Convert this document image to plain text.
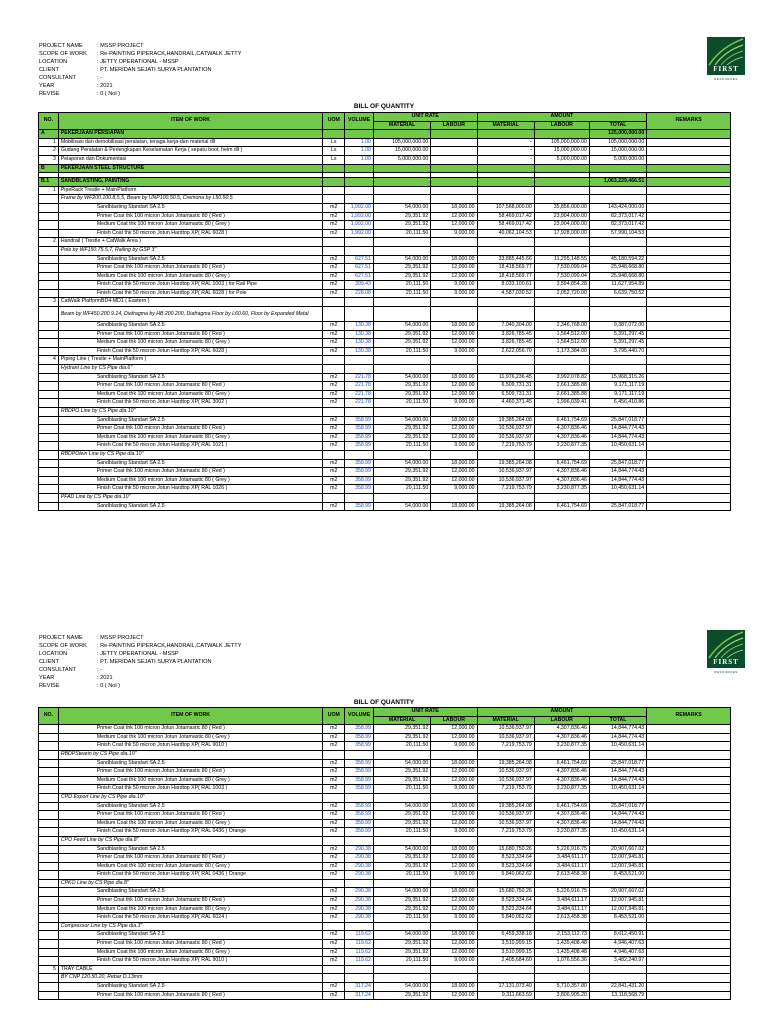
PROJECT NAME	: MSSP PROJECT
SCOPE OF WORK	: Re-PAINTING PIPERACK,HANDRAIL,CATWALK JETTY
LOCATION	: JETTY OPERATIONAL - MSSP
CLIENT	: PT. MERIDAN SEJATI SURYA PLANTATION
CONSULTANT	: -
YEAR	: 2021
REVISE	: 0 ( Nol )
FIRST
RESOURCES
BILL OF QUANTITY
NO.	ITEM OF WORK	UOM	VOLUME	UNIT RATE		AMOUNT			REMARKS
				MATERIAL	LABOUR	MATERIAL	LABOUR	TOTAL	
A	PEKERJAAN PERSIAPAN							125,000,000.00	
1	Mobilisasi dan demobilisasi peralatan, tenaga kerja-dan material dll	Ls	1.00	105,000,000.00		-	105,000,000.00	105,000,000.00	
2	Gudang Peralatan & Perlengkapan Keselamatan Kerja ( sepatu boot, helm dll )	Ls	1.00	15,000,000.00		-	15,000,000.00	15,000,000.00	
3	Pelaporan dan Dokumentasi	Ls	1.00	5,000,000.00		-	5,000,000.00	5,000,000.00	
B	PEKERJAAN STEEL STRUCTURE								

B.1	SANDBLASTING, PAINTING							1,063,229,466.51	
1	PipeRack Trestle + MainPlatform								
	Frame by WF200.100.8,5,5, Beam by UNP100.50.5, Cremona by L50.50.5								
	Sandblasting Standart SA 2.5	m2	1,992.00	54,000.00	18,000.00	107,568,000.00	35,856,000.00	143,424,000.00	
	Primer Coat thk 100 micron Jotun Jotamastic 80 ( Red )	m2	1,992.00	29,351.92	12,000.00	58,469,017.42	23,904,000.00	82,373,017.42	
	Medium Coat thk 100 micron Jotun Jotamastic 80 ( Grey )	m2	1,992.00	29,351.92	12,000.00	58,469,017.42	23,904,000.00	82,373,017.42	
	Finish Coat thk 50 micron Jotun Hardtop XP( RAL 6028 )	m2	1,992.00	20,111.50	9,000.00	40,062,104.53	17,928,000.00	57,990,104.53	
2	Handrail ( Trestle + CatWalk Area )								
	Pole by WF150.75.5,7, Railing by GSP 3"								
	Sandblasting Standart SA 2.5	m2	627.51	54,000.00	18,000.00	33,885,445.66	11,295,148.55	45,180,594.22	
	Primer Coat thk 100 micron Jotun Jotamastic 80 ( Red )	m2	627.51	29,351.92	12,000.00	18,418,569.77	7,530,099.04	25,948,668.80	
	Medium Coat thk 100 micron Jotun Jotamastic 80 ( Grey )	m2	627.51	29,351.92	12,000.00	18,418,569.77	7,530,099.04	25,948,668.80	
	Finish Coat thk 50 micron Jotun Hardtop XP( RAL 1003 ) for Rail Pipe	m2	399.43	20,111.50	9,000.00	8,033,100.61	3,594,854.28	11,627,954.89	
	Finish Coat thk 50 micron Jotun Hardtop XP( RAL 6028 ) for Pole	m2	228.08	20,111.50	9,000.00	4,587,030.52	2,052,720.00	6,639,750.52	
3	CatWalk PlatformBD4-MD1 ( Eastern )								
	Beam by WF450.200.9.14, Diafragma by HB 200.200, Diafragma Floor by L60.60, Floor by Expanded Metal								
	Sandblasting Standart SA 2.5	m2	130.38	54,000.00	18,000.00	7,040,304.00	2,346,768.00	9,387,072.00	
	Primer Coat thk 100 micron Jotun Jotamastic 80 ( Red )	m2	130.38	29,351.92	12,000.00	3,826,785.45	1,564,512.00	5,391,297.45	
	Medium Coat thk 100 micron Jotun Jotamastic 80 ( Grey )	m2	130.38	29,351.92	12,000.00	3,826,785.45	1,564,512.00	5,391,297.45	
	Finish Coat thk 50 micron Jotun Hardtop XP( RAL 6028 )	m2	130.38	20,111.50	9,000.00	2,622,056.70	1,173,384.00	3,795,440.70	
4	Piping Line ( Trestle + MainPlatform )								
	Hydrant Line by CS Pipe dia.6"								
	Sandblasting Standart SA 2.5	m2	221.78	54,000.00	18,000.00	11,976,236.45	3,992,078.82	15,968,315.26	
	Primer Coat thk 100 micron Jotun Jotamastic 80 ( Red )	m2	221.78	29,351.92	12,000.00	6,509,731.31	2,661,385.88	9,171,117.19	
	Medium Coat thk 100 micron Jotun Jotamastic 80 ( Grey )	m2	221.78	29,351.92	12,000.00	6,509,731.31	2,661,385.88	9,171,117.19	
	Finish Coat thk 50 micron Jotun Hardtop XP( RAL 3002 )	m2	221.78	20,111.50	9,000.00	4,460,371.45	1,996,039.41	6,456,410.86	
	RBDPO Line by CS Pipe dia.10"								
	Sandblasting Standart SA 2.5	m2	358.99	54,000.00	18,000.00	19,385,264.08	6,461,754.69	25,847,018.77	
	Primer Coat thk 100 micron Jotun Jotamastic 80 ( Red )	m2	358.99	29,351.92	12,000.00	10,536,937.97	4,307,836.46	14,844,774.43	
	Medium Coat thk 100 micron Jotun Jotamastic 80 ( Grey )	m2	358.99	29,351.92	12,000.00	10,536,937.97	4,307,836.46	14,844,774.43	
	Finish Coat thk 50 micron Jotun Hardtop XP( RAL 1021 )	m2	358.99	20,111.50	9,000.00	7,219,753.79	3,230,877.35	10,450,631.14	
	RBDPOlein Line by CS Pipe dia.10"								
	Sandblasting Standart SA 2.5	m2	358.99	54,000.00	18,000.00	19,385,264.08	6,461,754.69	25,847,018.77	
	Primer Coat thk 100 micron Jotun Jotamastic 80 ( Red )	m2	358.99	29,351.92	12,000.00	10,536,937.97	4,307,836.46	14,844,774.43	
	Medium Coat thk 100 micron Jotun Jotamastic 80 ( Grey )	m2	358.99	29,351.92	12,000.00	10,536,937.97	4,307,836.46	14,844,774.43	
	Finish Coat thk 50 micron Jotun Hardtop XP( RAL 1026 )	m2	358.99	20,111.50	9,000.00	7,219,753.79	3,230,877.35	10,450,631.14	
	PFAD Line by CS Pipe dia.10"								
	Sandblasting Standart SA 2.5	m2	358.99	54,000.00	18,000.00	19,385,264.08	6,461,754.69	25,847,018.77	
PROJECT NAME	: MSSP PROJECT
SCOPE OF WORK	: Re-PAINTING PIPERACK,HANDRAIL,CATWALK JETTY
LOCATION	: JETTY OPERATIONAL - MSSP
CLIENT	: PT. MERIDAN SEJATI SURYA PLANTATION
CONSULTANT	: -
YEAR	: 2021
REVISE	: 0 ( Nol )
FIRST
RESOURCES
BILL OF QUANTITY
NO.	ITEM OF WORK	UOM	VOLUME	UNIT RATE		AMOUNT			REMARKS
				MATERIAL	LABOUR	MATERIAL	LABOUR	TOTAL	
	Primer Coat thk 100 micron Jotun Jotamastic 80 ( Red )	m2	358.99	29,351.92	12,000.00	10,536,937.97	4,307,836.46	14,844,774.43	
	Medium Coat thk 100 micron Jotun Jotamastic 80 ( Grey )	m2	358.99	29,351.92	12,000.00	10,536,937.97	4,307,836.46	14,844,774.43	
	Finish Coat thk 50 micron Jotun Hardtop XP( RAL 9010 )	m2	358.99	20,111.50	9,000.00	7,219,753.79	3,230,877.35	10,450,631.14	
	RBDPStearin by CS Pipe dia.10"								
	Sandblasting Standart SA 2.5	m2	358.99	54,000.00	18,000.00	19,385,264.08	6,461,754.69	25,847,018.77	
	Primer Coat thk 100 micron Jotun Jotamastic 80 ( Red )	m2	358.99	29,351.92	12,000.00	10,536,937.97	4,307,836.46	14,844,774.43	
	Medium Coat thk 100 micron Jotun Jotamastic 80 ( Grey )	m2	358.99	29,351.92	12,000.00	10,536,937.97	4,307,836.46	14,844,774.43	
	Finish Coat thk 50 micron Jotun Hardtop XP( RAL 1003 )	m2	358.99	20,111.50	9,000.00	7,219,753.79	3,230,877.35	10,450,631.14	
	CPO Export Line by CS Pipe dia.10"								
	Sandblasting Standart SA 2.5	m2	358.99	54,000.00	18,000.00	19,385,264.08	6,461,754.69	25,847,018.77	
	Primer Coat thk 100 micron Jotun Jotamastic 80 ( Red )	m2	358.99	29,351.92	12,000.00	10,536,937.97	4,307,836.46	14,844,774.43	
	Medium Coat thk 100 micron Jotun Jotamastic 80 ( Grey )	m2	358.99	29,351.92	12,000.00	10,536,937.97	4,307,836.46	14,844,774.43	
	Finish Coat thk 50 micron Jotun Hardtop XP( RAL 0436 ) Orange	m2	358.99	20,111.50	9,000.00	7,219,753.79	3,230,877.35	10,450,631.14	
	CPO Feed Line by CS Pipe dia.8"								
	Sandblasting Standart SA 2.5	m2	290.38	54,000.00	18,000.00	15,680,750.26	5,226,916.75	20,907,667.02	
	Primer Coat thk 100 micron Jotun Jotamastic 80 ( Red )	m2	290.38	29,351.92	12,000.00	8,523,334.64	3,484,611.17	12,007,945.81	
	Medium Coat thk 100 micron Jotun Jotamastic 80 ( Grey )	m2	290.38	29,351.92	12,000.00	8,523,334.64	3,484,611.17	12,007,945.81	
	Finish Coat thk 50 micron Jotun Hardtop XP( RAL 0436 ) Orange	m2	290.38	20,111.50	9,000.00	5,840,062.62	2,613,458.38	8,453,521.00	
	CPKO Line by CS Pipe dia.8"								
	Sandblasting Standart SA 2.5	m2	290.38	54,000.00	18,000.00	15,680,750.26	5,226,916.75	20,907,667.02	
	Primer Coat thk 100 micron Jotun Jotamastic 80 ( Red )	m2	290.38	29,351.92	12,000.00	8,523,334.64	3,484,611.17	12,007,945.81	
	Medium Coat thk 100 micron Jotun Jotamastic 80 ( Grey )	m2	290.38	29,351.92	12,000.00	8,523,334.64	3,484,611.17	12,007,945.81	
	Finish Coat thk 50 micron Jotun Hardtop XP( RAL 6024 )	m2	290.38	20,111.50	9,000.00	5,840,062.62	2,613,458.38	8,453,521.00	
	Compressor Line by CS Pipe dia.3"								
	Sandblasting Standart SA 2.5	m2	119.62	54,000.00	18,000.00	6,459,338.18	2,153,112.73	8,612,450.91	
	Primer Coat thk 100 micron Jotun Jotamastic 80 ( Red )	m2	119.62	29,351.92	12,000.00	3,510,999.15	1,435,408.48	4,946,407.63	
	Medium Coat thk 100 micron Jotun Jotamastic 80 ( Grey )	m2	119.62	29,351.92	12,000.00	3,510,999.15	1,435,408.48	4,946,407.63	
	Finish Coat thk 50 micron Jotun Hardtop XP( RAL 9010 )	m2	119.62	20,111.50	9,000.00	2,405,684.60	1,076,556.36	3,482,240.97	
5	TRAY CABLE								
	BY CNP 120.50.20, Rebar D.13mm								
	Sandblasting Standart SA 2.5	m2	317.24	54,000.00	18,000.00	17,131,073.40	5,710,357.80	22,841,431.20	
	Primer Coat thk 100 micron Jotun Jotamastic 80 ( Red )	m2	317.24	29,351.92	12,000.00	9,311,663.59	3,806,905.20	13,118,568.79	
